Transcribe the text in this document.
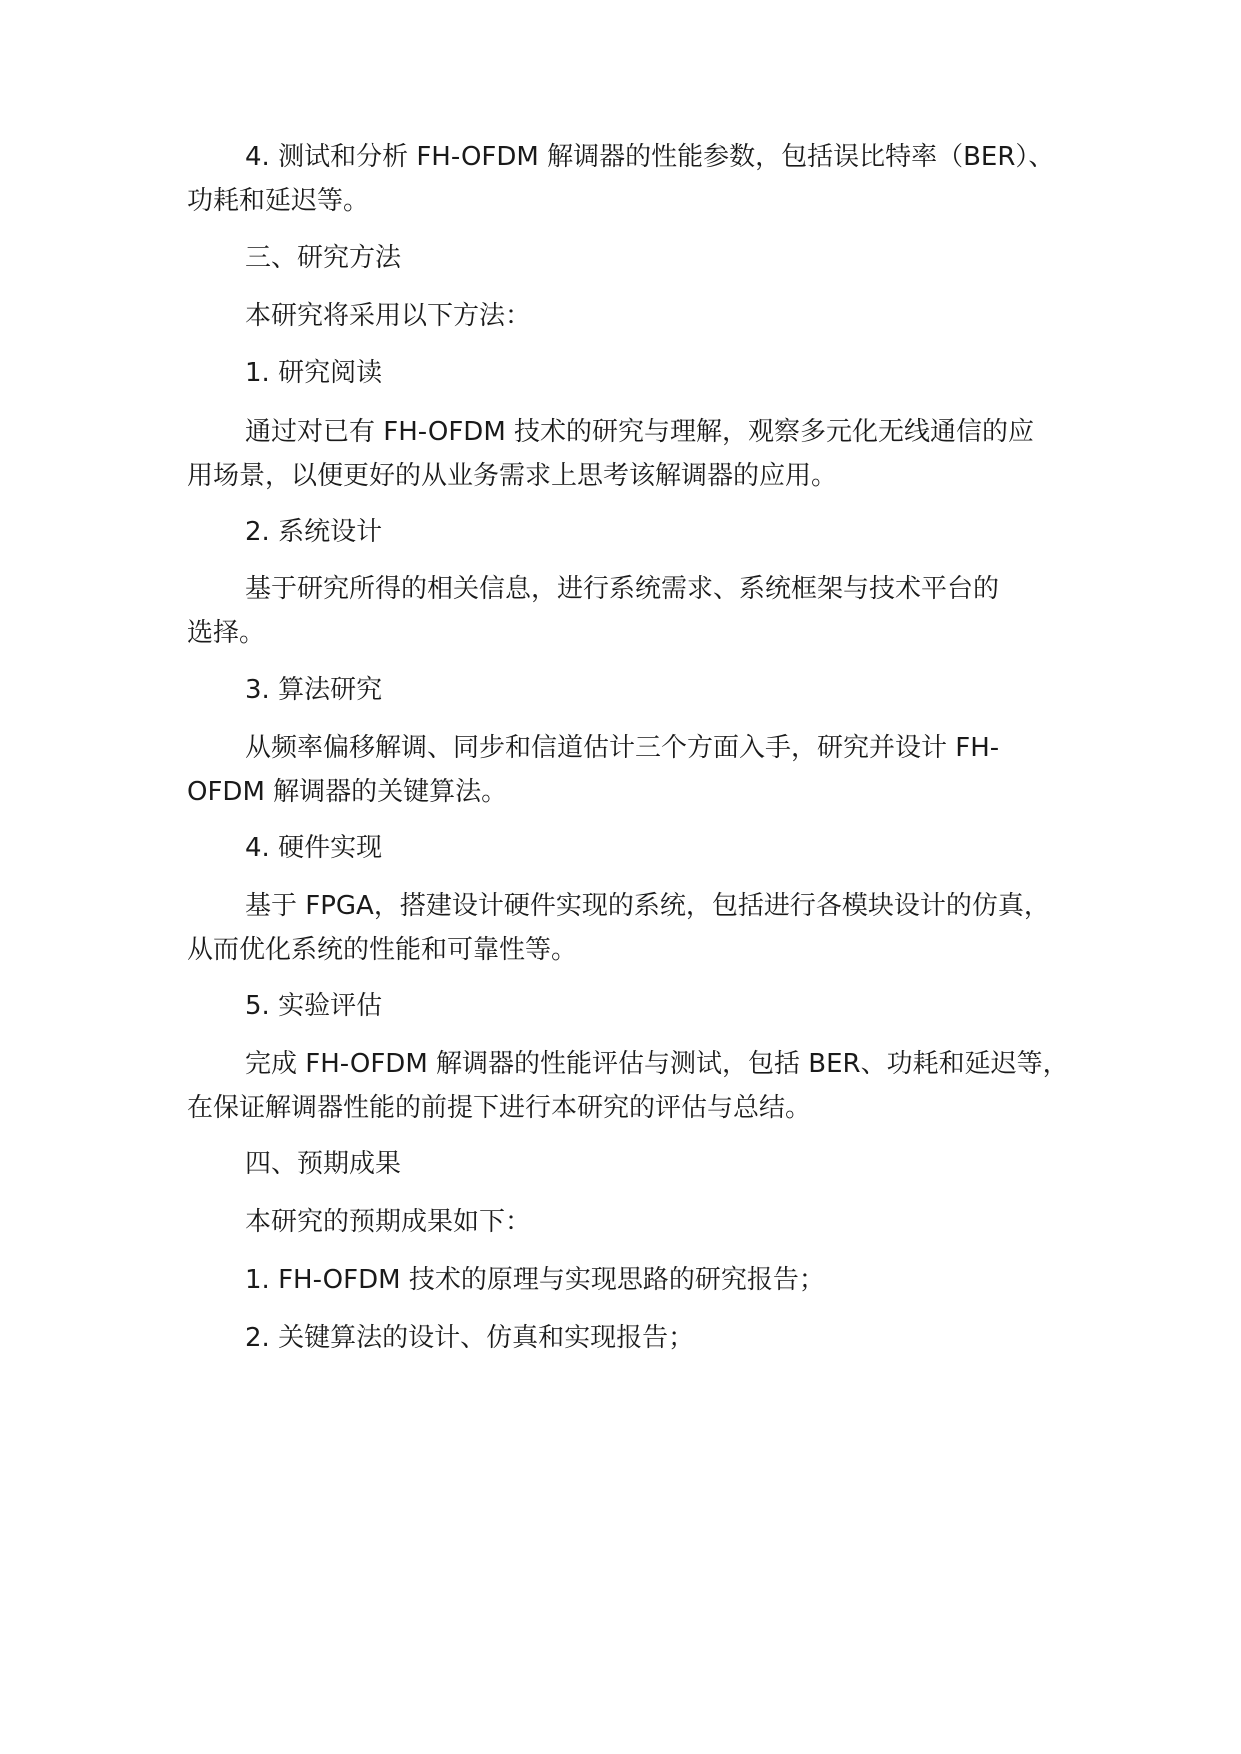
4. 测试和分析 FH-OFDM 解调器的性能参数，包括误比特率（BER）、
功耗和延迟等。
三、研究方法
本研究将采用以下方法：
1. 研究阅读
通过对已有 FH-OFDM 技术的研究与理解，观察多元化无线通信的应
用场景，以便更好的从业务需求上思考该解调器的应用。
2. 系统设计
基于研究所得的相关信息，进行系统需求、系统框架与技术平台的
选择。
3. 算法研究
从频率偏移解调、同步和信道估计三个方面入手，研究并设计 FH-
OFDM 解调器的关键算法。
4. 硬件实现
基于 FPGA，搭建设计硬件实现的系统，包括进行各模块设计的仿真，
从而优化系统的性能和可靠性等。
5. 实验评估
完成 FH-OFDM 解调器的性能评估与测试，包括 BER、功耗和延迟等，
在保证解调器性能的前提下进行本研究的评估与总结。
四、预期成果
本研究的预期成果如下：
1. FH-OFDM 技术的原理与实现思路的研究报告；
2. 关键算法的设计、仿真和实现报告；
